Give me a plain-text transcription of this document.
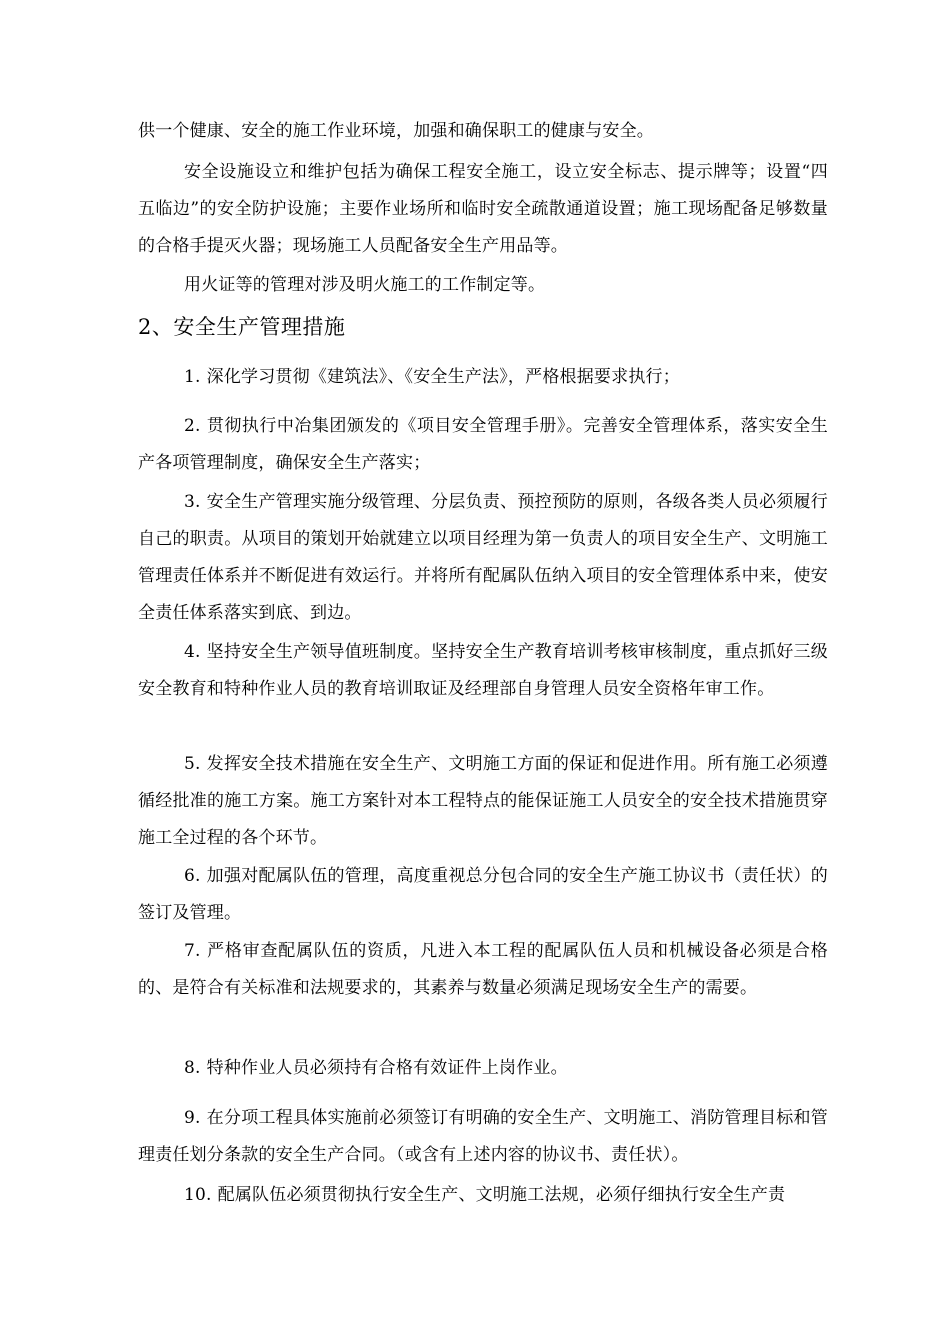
供一个健康、安全的施工作业环境，加强和确保职工的健康与安全。

安全设施设立和维护包括为确保工程安全施工，设立安全标志、提示牌等；设置“四五临边”的安全防护设施；主要作业场所和临时安全疏散通道设置；施工现场配备足够数量的合格手提灭火器；现场施工人员配备安全生产用品等。

用火证等的管理对涉及明火施工的工作制定等。

2、安全生产管理措施

1. 深化学习贯彻《建筑法》、《安全生产法》，严格根据要求执行；

2. 贯彻执行中冶集团颁发的《项目安全管理手册》。完善安全管理体系，落实安全生产各项管理制度，确保安全生产落实；

3. 安全生产管理实施分级管理、分层负责、预控预防的原则，各级各类人员必须履行自己的职责。从项目的策划开始就建立以项目经理为第一负责人的项目安全生产、文明施工管理责任体系并不断促进有效运行。并将所有配属队伍纳入项目的安全管理体系中来，使安全责任体系落实到底、到边。

4. 坚持安全生产领导值班制度。坚持安全生产教育培训考核审核制度，重点抓好三级安全教育和特种作业人员的教育培训取证及经理部自身管理人员安全资格年审工作。

5. 发挥安全技术措施在安全生产、文明施工方面的保证和促进作用。所有施工必须遵循经批准的施工方案。施工方案针对本工程特点的能保证施工人员安全的安全技术措施贯穿施工全过程的各个环节。

6. 加强对配属队伍的管理，高度重视总分包合同的安全生产施工协议书（责任状）的签订及管理。

7. 严格审查配属队伍的资质，凡进入本工程的配属队伍人员和机械设备必须是合格的、是符合有关标准和法规要求的，其素养与数量必须满足现场安全生产的需要。

8. 特种作业人员必须持有合格有效证件上岗作业。

9. 在分项工程具体实施前必须签订有明确的安全生产、文明施工、消防管理目标和管理责任划分条款的安全生产合同。（或含有上述内容的协议书、责任状）。

10. 配属队伍必须贯彻执行安全生产、文明施工法规，必须仔细执行安全生产责
